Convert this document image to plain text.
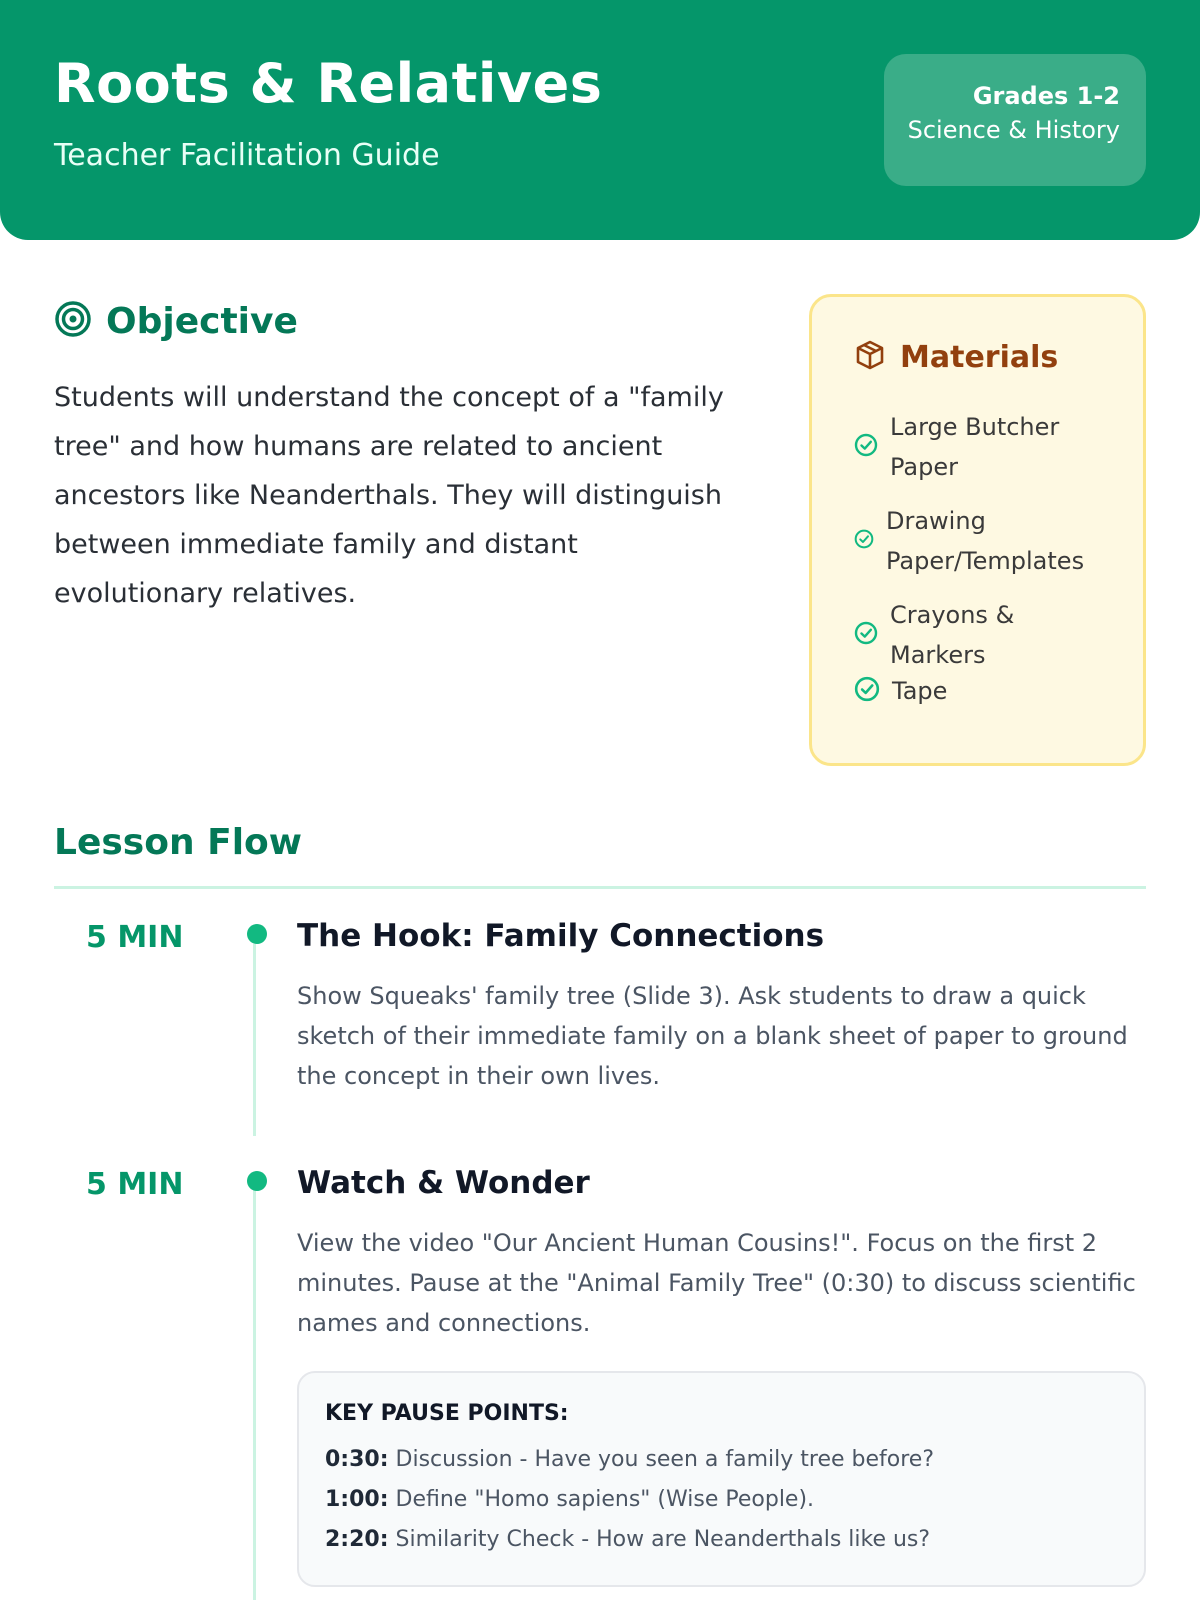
Roots & Relatives
Teacher Facilitation Guide
Grades 1-2
Science & History
Objective
Students will understand the concept of a "family tree" and how humans are related to ancient ancestors like Neanderthals. They will distinguish between immediate family and distant evolutionary relatives.
Materials
Large Butcher Paper
Drawing Paper/Templates
Crayons & Markers
Tape
Lesson Flow
5 MIN	The Hook: Family Connections
Show Squeaks' family tree (Slide 3). Ask students to draw a quick sketch of their immediate family on a blank sheet of paper to ground the concept in their own lives.
5 MIN	Watch & Wonder
View the video "Our Ancient Human Cousins!". Focus on the first 2 minutes. Pause at the "Animal Family Tree" (0:30) to discuss scientific names and connections.
KEY PAUSE POINTS:
0:30: Discussion - Have you seen a family tree before?
1:00: Define "Homo sapiens" (Wise People).
2:20: Similarity Check - How are Neanderthals like us?
